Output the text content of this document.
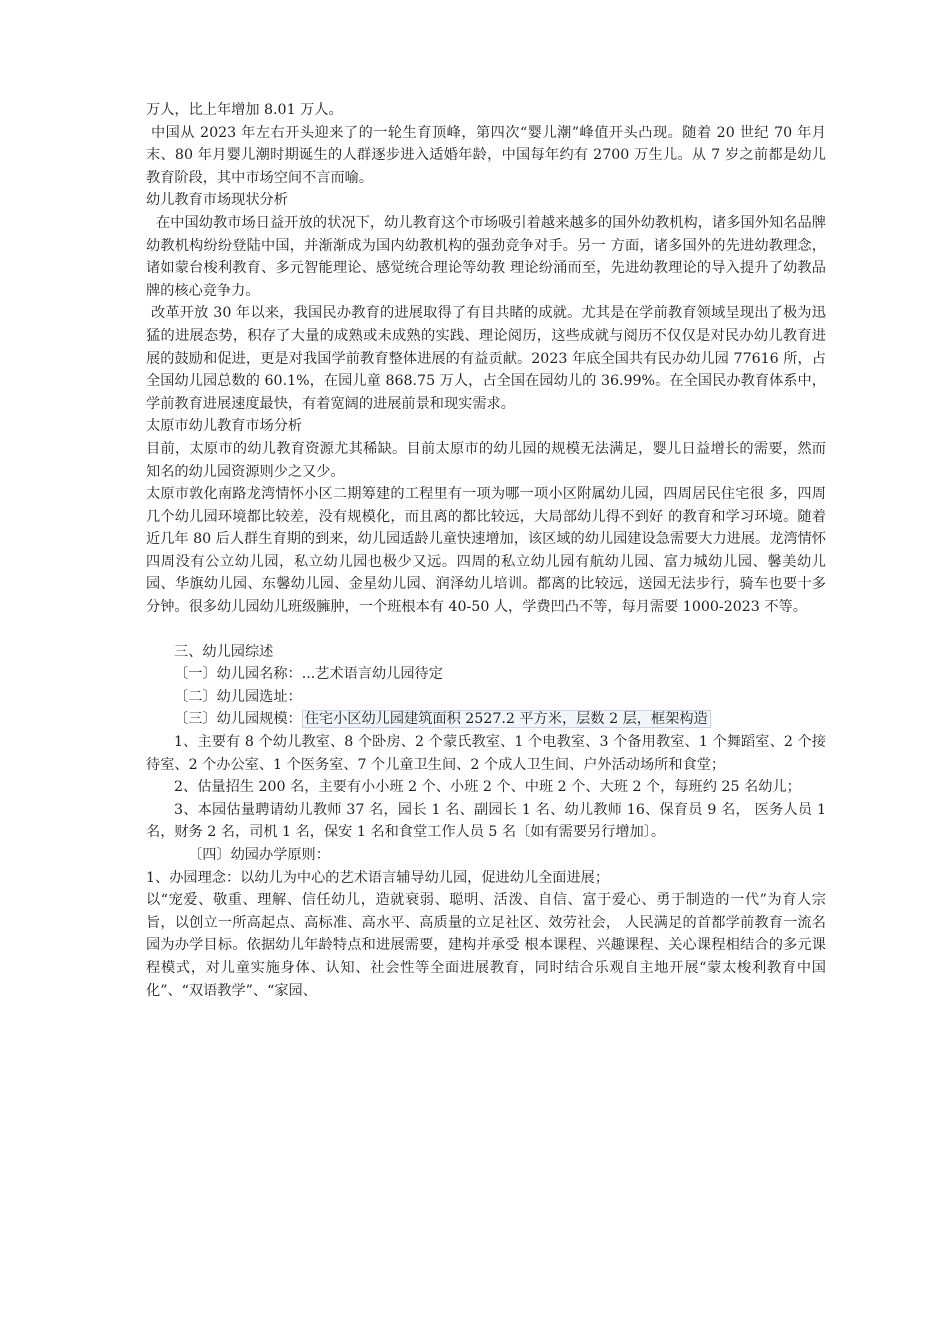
万人，比上年增加 8.01 万人。

中国从 2023 年左右开头迎来了的一轮生育顶峰，第四次“婴儿潮”峰值开头凸现。随着 20 世纪 70 年月末、80 年月婴儿潮时期诞生的人群逐步进入适婚年龄，中国每年约有 2700 万生儿。从 7 岁之前都是幼儿教育阶段，其中市场空间不言而喻。

幼儿教育市场现状分析

在中国幼教市场日益开放的状况下，幼儿教育这个市场吸引着越来越多的国外幼教机构，诸多国外知名品牌幼教机构纷纷登陆中国，并渐渐成为国内幼教机构的强劲竞争对手。另一 方面，诸多国外的先进幼教理念，诸如蒙台梭利教育、多元智能理论、感觉统合理论等幼教 理论纷涌而至，先进幼教理论的导入提升了幼教品牌的核心竞争力。

改革开放 30 年以来，我国民办教育的进展取得了有目共睹的成就。尤其是在学前教育领域呈现出了极为迅猛的进展态势，积存了大量的成熟或未成熟的实践、理论阅历，这些成就与阅历不仅仅是对民办幼儿教育进展的鼓励和促进，更是对我国学前教育整体进展的有益贡献。2023 年底全国共有民办幼儿园 77616 所，占全国幼儿园总数的 60.1%，在园儿童 868.75 万人，占全国在园幼儿的 36.99%。在全国民办教育体系中，学前教育进展速度最快，有着宽阔的进展前景和现实需求。

太原市幼儿教育市场分析

目前，太原市的幼儿教育资源尤其稀缺。目前太原市的幼儿园的规模无法满足，婴儿日益增长的需要，然而知名的幼儿园资源则少之又少。

太原市敦化南路龙湾情怀小区二期筹建的工程里有一项为哪一项小区附属幼儿园，四周居民住宅很 多，四周几个幼儿园环境都比较差，没有规模化，而且离的都比较远，大局部幼儿得不到好 的教育和学习环境。随着近几年 80 后人群生育期的到来，幼儿园适龄儿童快速增加，该区域的幼儿园建设急需要大力进展。龙湾情怀四周没有公立幼儿园，私立幼儿园也极少又远。四周的私立幼儿园有航幼儿园、富力城幼儿园、馨美幼儿园、华旗幼儿园、东馨幼儿园、金星幼儿园、润泽幼儿培训。都离的比较远，送园无法步行，骑车也要十多分钟。很多幼儿园幼儿班级臃肿，一个班根本有 40-50 人，学费凹凸不等，每月需要 1000-2023 不等。

三、幼儿园综述

〔一〕幼儿园名称：...艺术语言幼儿园待定

〔二〕幼儿园选址：

〔三〕幼儿园规模： 住宅小区幼儿园建筑面积 2527.2 平方米，层数 2 层，框架构造

1、主要有 8 个幼儿教室、8 个卧房、2 个蒙氏教室、1 个电教室、3 个备用教室、1 个舞蹈室、2 个接待室、2 个办公室、1 个医务室、7 个儿童卫生间、2 个成人卫生间、户外活动场所和食堂；

2、估量招生 200 名，主要有小小班 2 个、小班 2 个、中班 2 个、大班 2 个，每班约 25 名幼儿；

3、本园估量聘请幼儿教师 37 名，园长 1 名、副园长 1 名、幼儿教师 16、保育员 9 名， 医务人员 1 名，财务 2 名，司机 1 名，保安 1 名和食堂工作人员 5 名〔如有需要另行增加〕。

〔四〕幼园办学原则：

1、办园理念：以幼儿为中心的艺术语言辅导幼儿园，促进幼儿全面进展；

以“宠爱、敬重、理解、信任幼儿，造就衰弱、聪明、活泼、自信、富于爱心、勇于制造的一代”为育人宗旨，以创立一所高起点、高标准、高水平、高质量的立足社区、效劳社会， 人民满足的首都学前教育一流名园为办学目标。依据幼儿年龄特点和进展需要，建构并承受 根本课程、兴趣课程、关心课程相结合的多元课程模式，对儿童实施身体、认知、社会性等全面进展教育，同时结合乐观自主地开展“蒙太梭利教育中国化”、“双语教学”、“家园、
